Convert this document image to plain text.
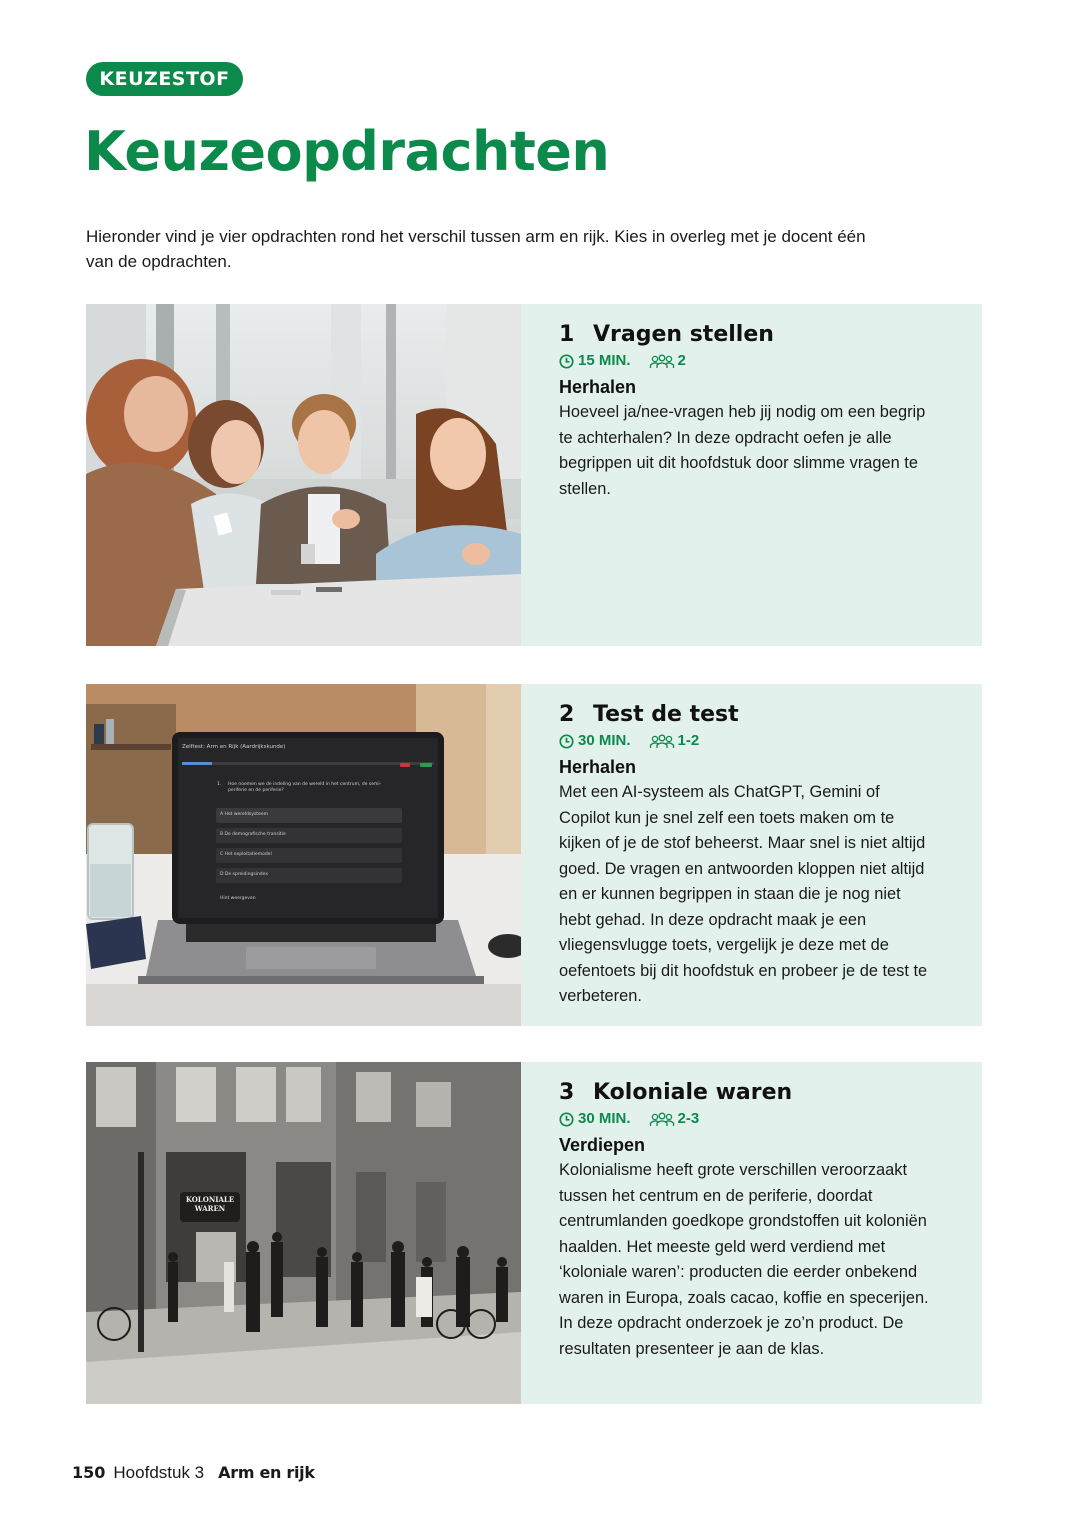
KEUZESTOF
Keuzeopdrachten

Hieronder vind je vier opdrachten rond het verschil tussen arm en rijk. Kies in overleg met je docent één van de opdrachten.

1 Vragen stellen
15 MIN.	2
Herhalen

Hoeveel ja/nee-vragen heb jij nodig om een begrip te achterhalen? In deze opdracht oefen je alle begrippen uit dit hoofdstuk door slimme vragen te stellen.

Zelftest: Arm en Rijk (Aardrijkskunde)
1. Hoe noemen we de indeling van de wereld in het centrum, de semi-periferie en de periferie?
A Het wereldsysteem
B De demografische transitie
C Het exploitatiemodel
D De spreidingsindex
Hint weergeven
2 Test de test
30 MIN.	1-2
Herhalen

Met een AI-systeem als ChatGPT, Gemini of Copilot kun je snel zelf een toets maken om te kijken of je de stof beheerst. Maar snel is niet altijd goed. De vragen en antwoorden kloppen niet altijd en er kunnen begrippen in staan die je nog niet hebt gehad. In deze opdracht maak je een vliegensvlugge toets, vergelijk je deze met de oefentoets bij dit hoofdstuk en probeer je de test te verbeteren.

KOLONIALE WAREN
3 Koloniale waren
30 MIN.	2-3
Verdiepen

Kolonialisme heeft grote verschillen veroorzaakt tussen het centrum en de periferie, doordat centrumlanden goedkope grondstoffen uit koloniën haalden. Het meeste geld werd verdiend met ‘koloniale waren’: producten die eerder onbekend waren in Europa, zoals cacao, koffie en specerijen. In deze opdracht onderzoek je zo’n product. De resultaten presenteer je aan de klas.

150 Hoofdstuk 3 Arm en rijk
